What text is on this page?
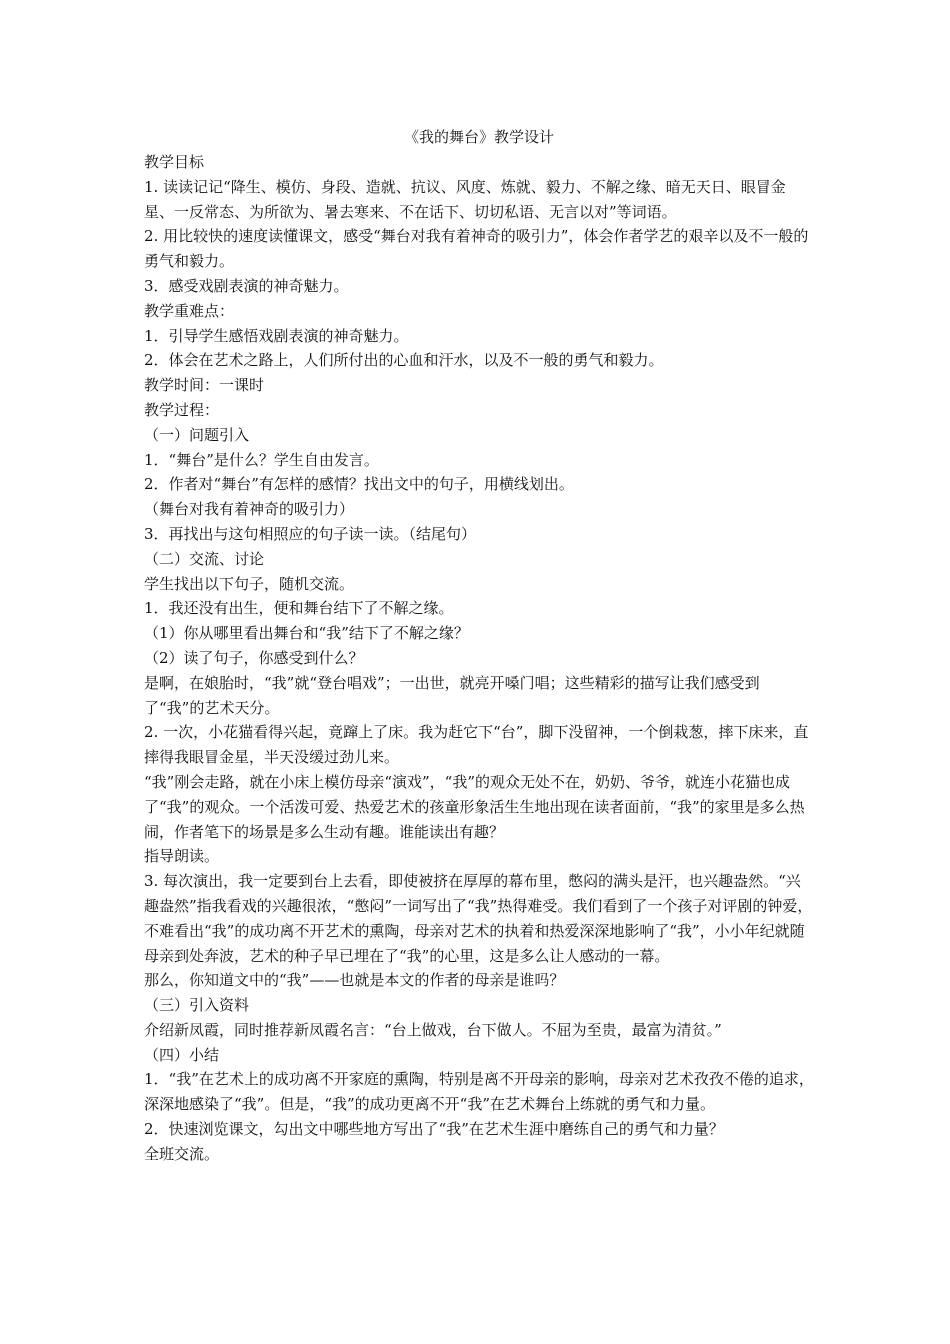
《我的舞台》教学设计
教学目标
1. 读读记记“降生、模仿、身段、造就、抗议、风度、炼就、毅力、不解之缘、暗无天日、眼冒金星、一反常态、为所欲为、暑去寒来、不在话下、切切私语、无言以对”等词语。
2. 用比较快的速度读懂课文，感受“舞台对我有着神奇的吸引力”，体会作者学艺的艰辛以及不一般的勇气和毅力。
3．感受戏剧表演的神奇魅力。
教学重难点：
1．引导学生感悟戏剧表演的神奇魅力。
2．体会在艺术之路上，人们所付出的心血和汗水，以及不一般的勇气和毅力。
教学时间：一课时
教学过程：
（一）问题引入
1．“舞台”是什么？学生自由发言。
2．作者对“舞台”有怎样的感情？找出文中的句子，用横线划出。
（舞台对我有着神奇的吸引力）
3．再找出与这句相照应的句子读一读。（结尾句）
（二）交流、讨论
学生找出以下句子，随机交流。
1．我还没有出生，便和舞台结下了不解之缘。
（1）你从哪里看出舞台和“我”结下了不解之缘？
（2）读了句子，你感受到什么？
是啊，在娘胎时，“我”就“登台唱戏”；一出世，就亮开嗓门唱；这些精彩的描写让我们感受到了“我”的艺术天分。
2. 一次，小花猫看得兴起，竟蹿上了床。我为赶它下“台”，脚下没留神，一个倒栽葱，摔下床来，直摔得我眼冒金星，半天没缓过劲儿来。
“我”刚会走路，就在小床上模仿母亲“演戏”，“我”的观众无处不在，奶奶、爷爷，就连小花猫也成了“我”的观众。一个活泼可爱、热爱艺术的孩童形象活生生地出现在读者面前，“我”的家里是多么热闹，作者笔下的场景是多么生动有趣。谁能读出有趣？
指导朗读。
3. 每次演出，我一定要到台上去看，即使被挤在厚厚的幕布里，憋闷的满头是汗，也兴趣盎然。“兴趣盎然”指我看戏的兴趣很浓，“憋闷”一词写出了“我”热得难受。我们看到了一个孩子对评剧的钟爱，不难看出“我”的成功离不开艺术的熏陶，母亲对艺术的执着和热爱深深地影响了“我”，小小年纪就随母亲到处奔波，艺术的种子早已埋在了“我”的心里，这是多么让人感动的一幕。
那么，你知道文中的“我”——也就是本文的作者的母亲是谁吗？
（三）引入资料
介绍新凤霞，同时推荐新凤霞名言：“台上做戏，台下做人。不屈为至贵，最富为清贫。”
（四）小结
1．“我”在艺术上的成功离不开家庭的熏陶，特别是离不开母亲的影响，母亲对艺术孜孜不倦的追求，深深地感染了“我”。但是，“我”的成功更离不开“我”在艺术舞台上练就的勇气和力量。
2．快速浏览课文，勾出文中哪些地方写出了“我”在艺术生涯中磨练自己的勇气和力量？
全班交流。
